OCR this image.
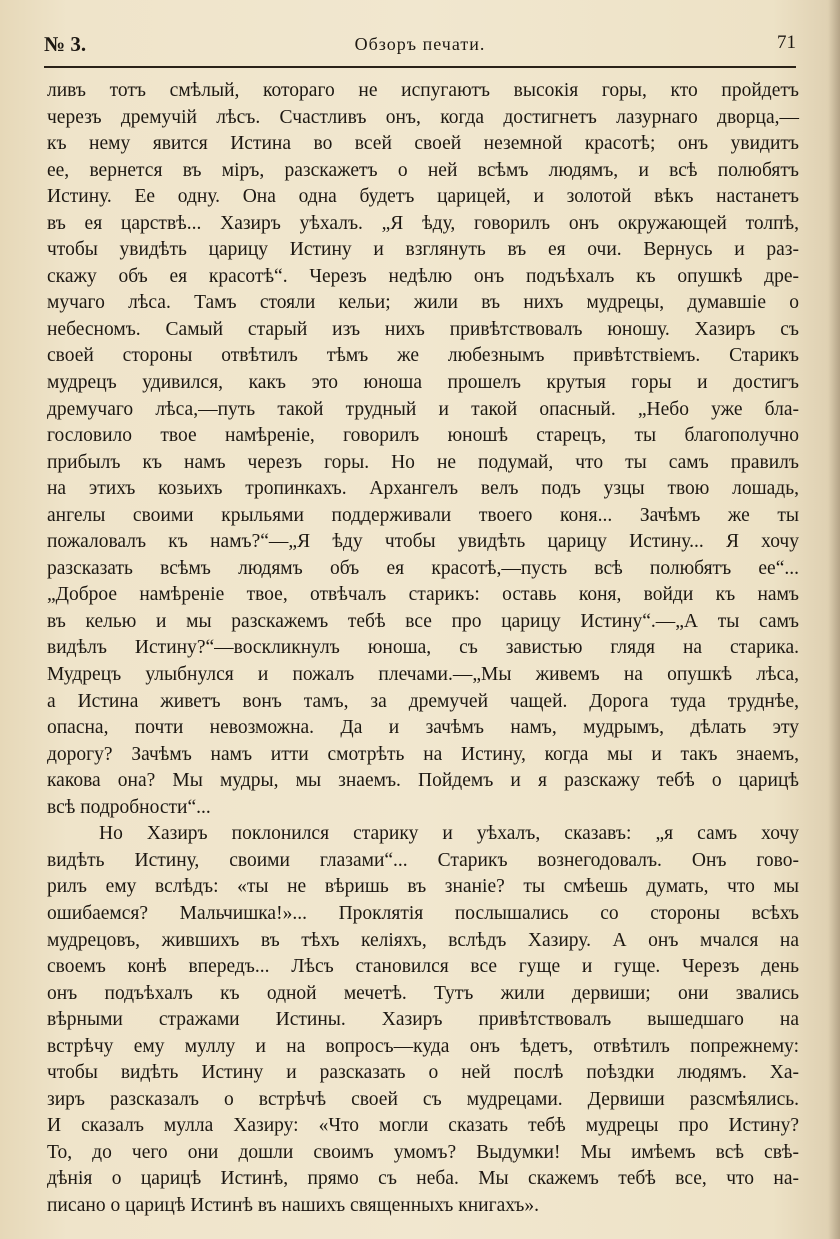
№ 3.	Обзоръ печати.	71
ливъ тотъ смѣлый, котораго не испугаютъ высокія горы, кто пройдетъ
черезъ дремучій лѣсъ. Счастливъ онъ, когда достигнетъ лазурнаго дворца,—
къ нему явится Истина во всей своей неземной красотѣ; онъ увидитъ
ее, вернется въ міръ, разскажетъ о ней всѣмъ людямъ, и всѣ полюбятъ
Истину. Ее одну. Она одна будетъ царицей, и золотой вѣкъ настанетъ
въ ея царствѣ... Хазиръ уѣхалъ. „Я ѣду, говорилъ онъ окружающей толпѣ,
чтобы увидѣть царицу Истину и взглянуть въ ея очи. Вернусь и раз-
скажу объ ея красотѣ“. Черезъ недѣлю онъ подъѣхалъ къ опушкѣ дре-
мучаго лѣса. Тамъ стояли кельи; жили въ нихъ мудрецы, думавшіе о
небесномъ. Самый старый изъ нихъ привѣтствовалъ юношу. Хазиръ съ
своей стороны отвѣтилъ тѣмъ же любезнымъ привѣтствіемъ. Старикъ
мудрецъ удивился, какъ это юноша прошелъ крутыя горы и достигъ
дремучаго лѣса,—путь такой трудный и такой опасный. „Небо уже бла-
гословило твое намѣреніе, говорилъ юношѣ старецъ, ты благополучно
прибылъ къ намъ черезъ горы. Но не подумай, что ты самъ правилъ
на этихъ козьихъ тропинкахъ. Архангелъ велъ подъ узцы твою лошадь,
ангелы своими крыльями поддерживали твоего коня... Зачѣмъ же ты
пожаловалъ къ намъ?“—„Я ѣду чтобы увидѣть царицу Истину... Я хочу
разсказать всѣмъ людямъ объ ея красотѣ,—пусть всѣ полюбятъ ее“...
„Доброе намѣреніе твое, отвѣчалъ старикъ: оставь коня, войди къ намъ
въ келью и мы разскажемъ тебѣ все про царицу Истину“.—„А ты самъ
видѣлъ Истину?“—воскликнулъ юноша, съ завистью глядя на старика.
Мудрецъ улыбнулся и пожалъ плечами.—„Мы живемъ на опушкѣ лѣса,
а Истина живетъ вонъ тамъ, за дремучей чащей. Дорога туда труднѣе,
опасна, почти невозможна. Да и зачѣмъ намъ, мудрымъ, дѣлать эту
дорогу? Зачѣмъ намъ итти смотрѣть на Истину, когда мы и такъ знаемъ,
какова она? Мы мудры, мы знаемъ. Пойдемъ и я разскажу тебѣ о царицѣ
всѣ подробности“...
Но Хазиръ поклонился старику и уѣхалъ, сказавъ: „я самъ хочу
видѣть Истину, своими глазами“... Старикъ вознегодовалъ. Онъ гово-
рилъ ему вслѣдъ: «ты не вѣришь въ знаніе? ты смѣешь думать, что мы
ошибаемся? Мальчишка!»... Проклятія послышались со стороны всѣхъ
мудрецовъ, жившихъ въ тѣхъ келіяхъ, вслѣдъ Хазиру. А онъ мчался на
своемъ конѣ впередъ... Лѣсъ становился все гуще и гуще. Черезъ день
онъ подъѣхалъ къ одной мечетѣ. Тутъ жили дервиши; они звались
вѣрными стражами Истины. Хазиръ привѣтствовалъ вышедшаго на
встрѣчу ему муллу и на вопросъ—куда онъ ѣдетъ, отвѣтилъ попрежнему:
чтобы видѣть Истину и разсказать о ней послѣ поѣздки людямъ. Ха-
зиръ разсказалъ о встрѣчѣ своей съ мудрецами. Дервиши разсмѣялись.
И сказалъ мулла Хазиру: «Что могли сказать тебѣ мудрецы про Истину?
То, до чего они дошли своимъ умомъ? Выдумки! Мы имѣемъ всѣ свѣ-
дѣнія о царицѣ Истинѣ, прямо съ неба. Мы скажемъ тебѣ все, что на-
писано о царицѣ Истинѣ въ нашихъ священныхъ книгахъ».
